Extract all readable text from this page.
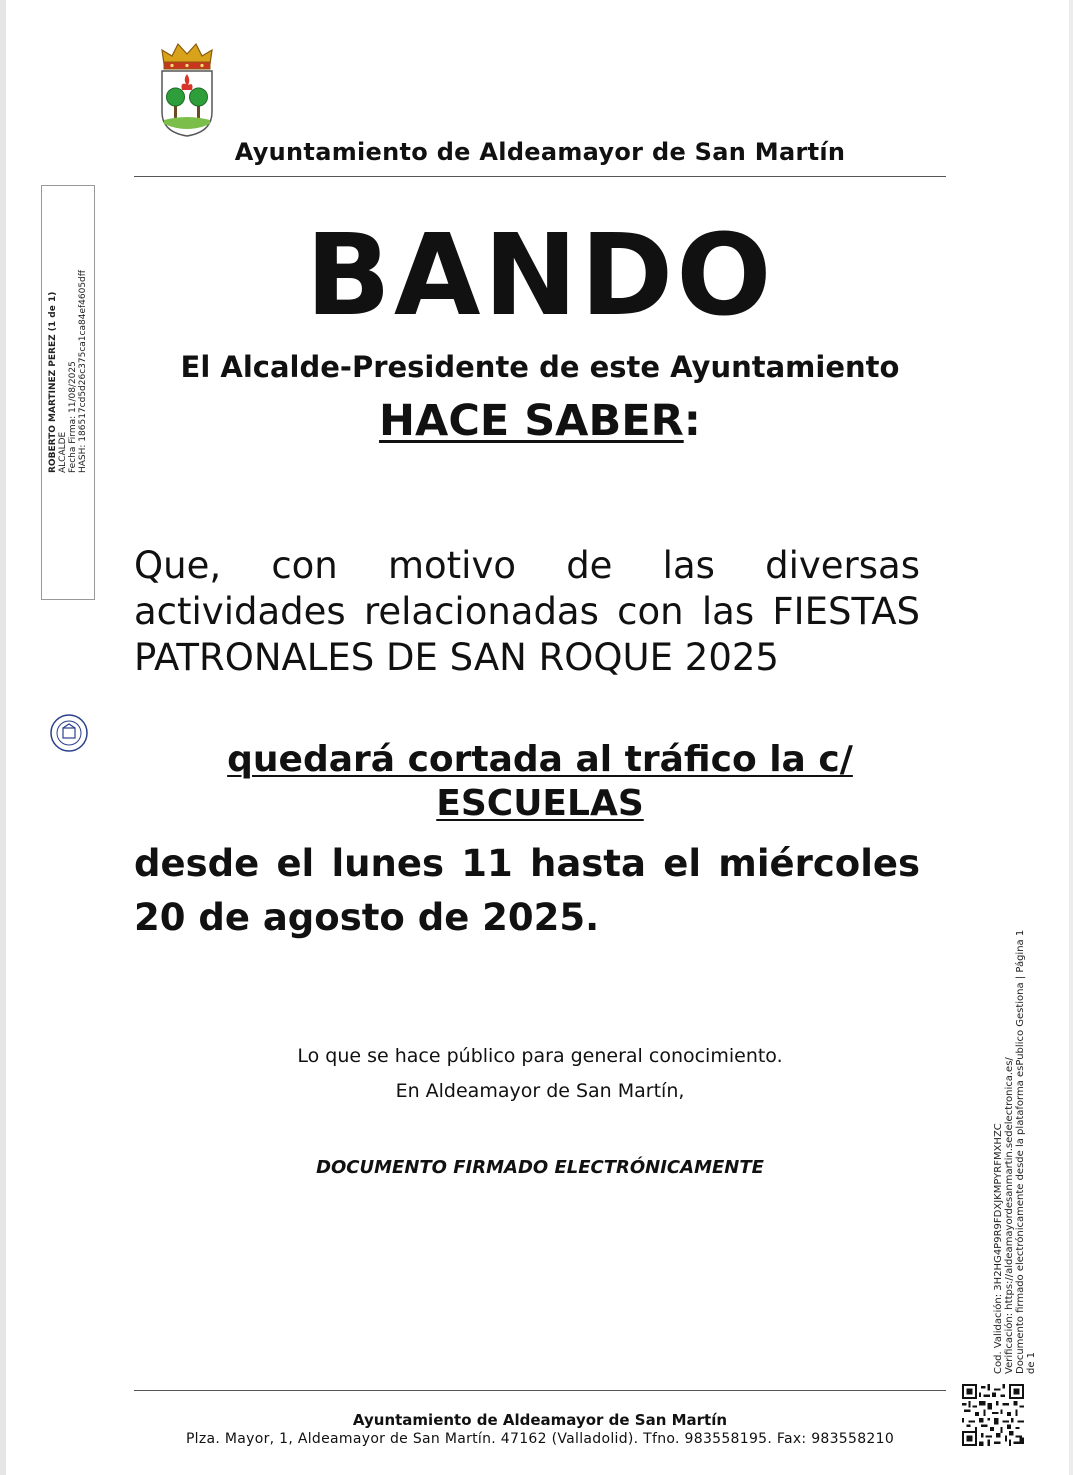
Ayuntamiento de Aldeamayor de San Martín
BANDO
El Alcalde-Presidente de este Ayuntamiento
HACE SABER:
Que, con motivo de las diversas actividades relacionadas con las FIESTAS PATRONALES DE SAN ROQUE 2025
quedará cortada al tráfico la c/
ESCUELAS
desde el lunes 11 hasta el miércoles 20 de agosto de 2025.
Lo que se hace público para general conocimiento.
En Aldeamayor de San Martín,
DOCUMENTO FIRMADO ELECTRÓNICAMENTE
ROBERTO MARTINEZ PEREZ (1 de 1) ALCALDE Fecha Firma: 11/08/2025 HASH: 186517cd5d26c375ca1ca84ef4605dff
Cod. Validación: 3H2HG4P9R9FDXJKMPYRFMXHZC Verificación: https://aldeamayordesanmartin.sedelectronica.es/ Documento firmado electrónicamente desde la plataforma esPublico Gestiona | Página 1 de 1
Ayuntamiento de Aldeamayor de San Martín
Plza. Mayor, 1, Aldeamayor de San Martín. 47162 (Valladolid). Tfno. 983558195. Fax: 983558210
